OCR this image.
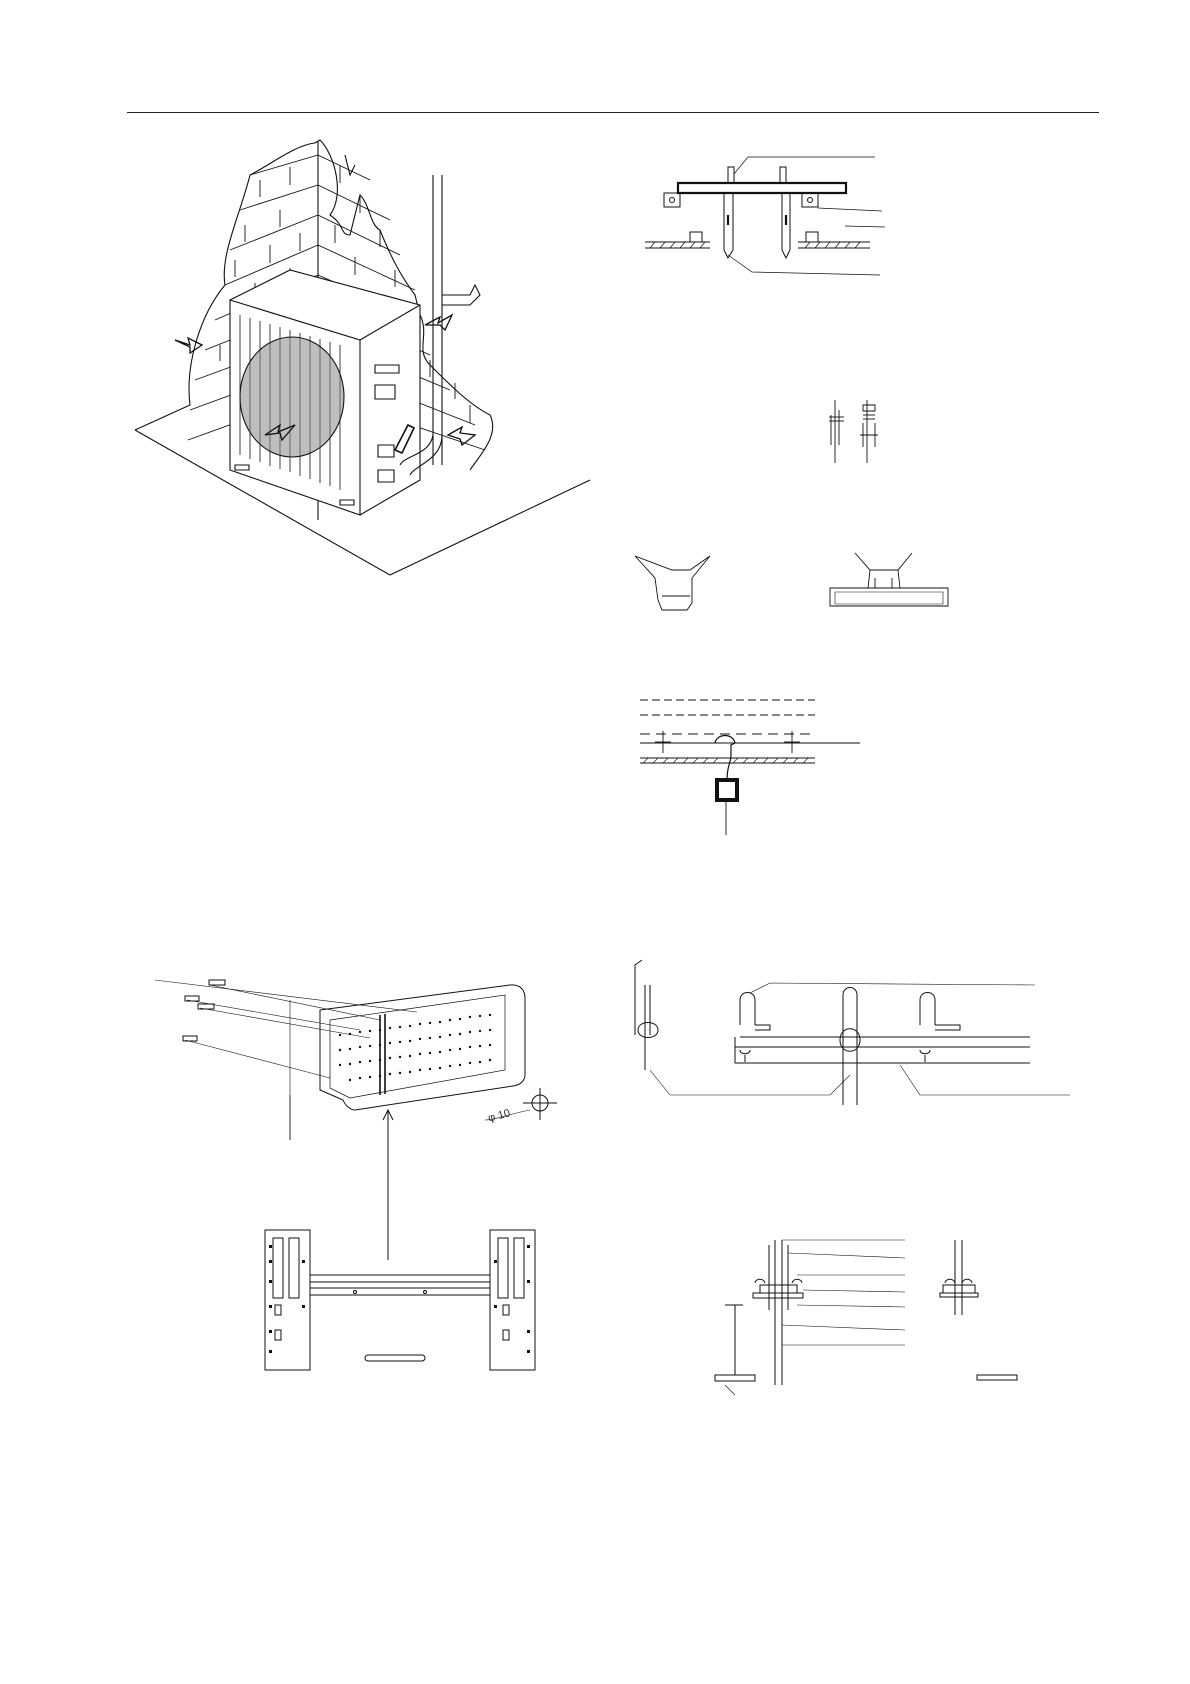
φ 10
